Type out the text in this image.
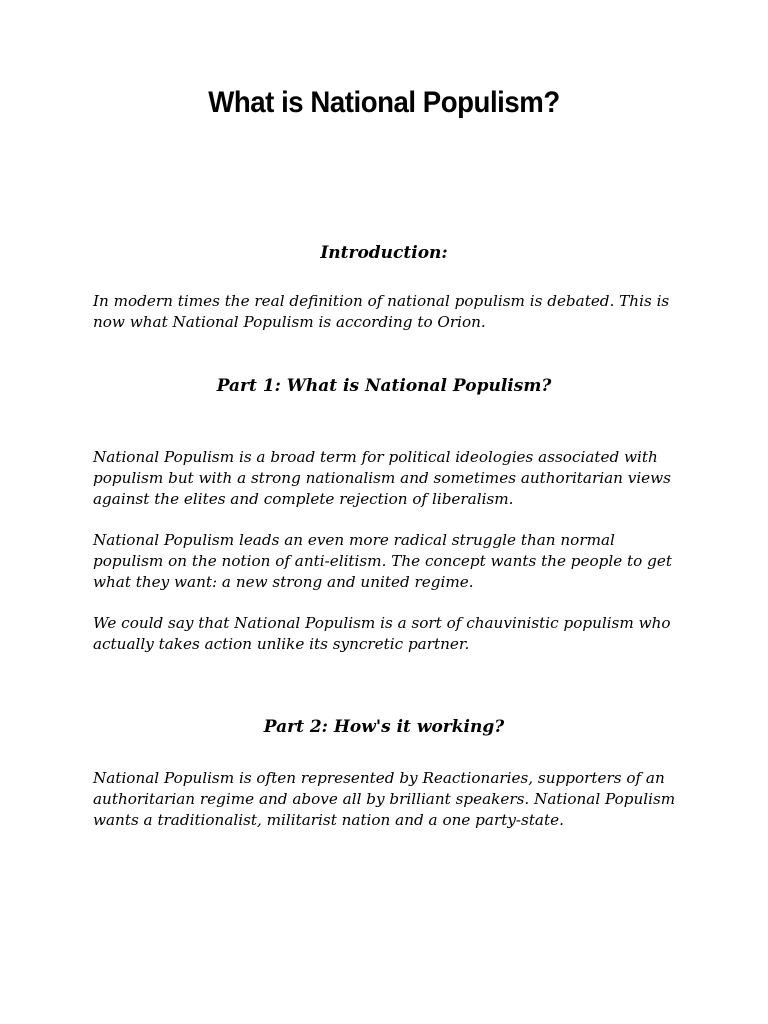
What is National Populism?
Introduction:

In modern times the real definition of national populism is debated. This is now what National Populism is according to Orion.

Part 1: What is National Populism?

National Populism is a broad term for political ideologies associated with populism but with a strong nationalism and sometimes authoritarian views against the elites and complete rejection of liberalism.

National Populism leads an even more radical struggle than normal populism on the notion of anti-elitism. The concept wants the people to get what they want: a new strong and united regime.

We could say that National Populism is a sort of chauvinistic populism who actually takes action unlike its syncretic partner.

Part 2: How's it working?

National Populism is often represented by Reactionaries, supporters of an authoritarian regime and above all by brilliant speakers. National Populism wants a traditionalist, militarist nation and a one party-state.
